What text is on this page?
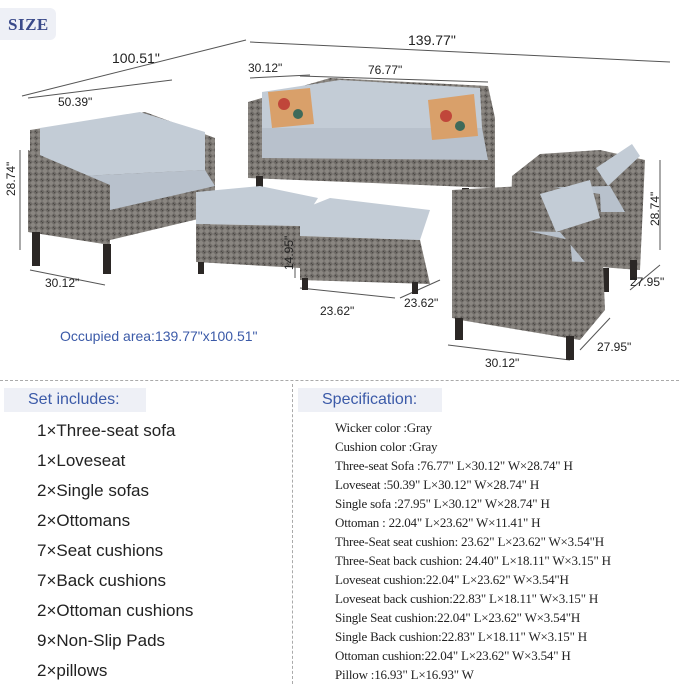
SIZE
139.77"
100.51"
50.39"
30.12"	76.77"
28.74"
30.12"
14.95"
23.62"
23.62"
28.74"
27.95"
27.95"
30.12"
Occupied area:139.77"x100.51"
Set includes:
1×Three-seat sofa
1×Loveseat
2×Single sofas
2×Ottomans
7×Seat cushions
7×Back cushions
2×Ottoman cushions
9×Non-Slip Pads
2×pillows
Specification:
Wicker color :Gray
Cushion color :Gray
Three-seat Sofa :76.77" L×30.12" W×28.74" H
Loveseat :50.39" L×30.12" W×28.74" H
Single sofa :27.95" L×30.12" W×28.74" H
Ottoman : 22.04" L×23.62" W×11.41" H
Three-Seat seat cushion: 23.62" L×23.62" W×3.54"H
Three-Seat back cushion: 24.40" L×18.11" W×3.15" H
Loveseat cushion:22.04" L×23.62" W×3.54"H
Loveseat back cushion:22.83" L×18.11" W×3.15" H
Single Seat cushion:22.04" L×23.62" W×3.54"H
Single Back cushion:22.83" L×18.11" W×3.15" H
Ottoman cushion:22.04" L×23.62" W×3.54" H
Pillow :16.93" L×16.93" W
